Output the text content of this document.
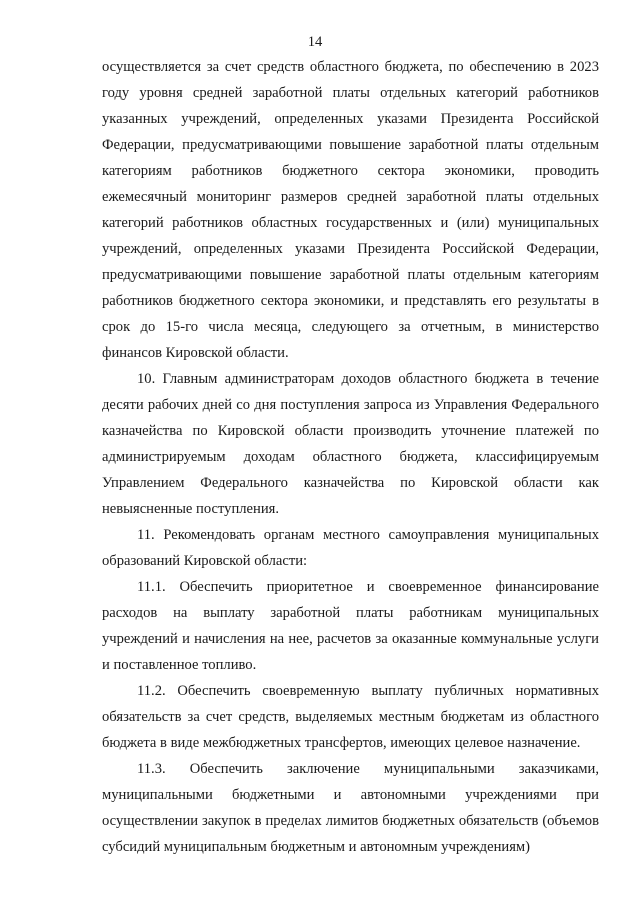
14

осуществляется за счет средств областного бюджета, по обеспечению в 2023 году уровня средней заработной платы отдельных категорий работников указанных учреждений, определенных указами Президента Российской Федерации, предусматривающими повышение заработной платы отдельным категориям работников бюджетного сектора экономики, проводить ежемесячный мониторинг размеров средней заработной платы отдельных категорий работников областных государственных и (или) муниципальных учреждений, определенных указами Президента Российской Федерации, предусматривающими повышение заработной платы отдельным категориям работников бюджетного сектора экономики, и представлять его результаты в срок до 15-го числа месяца, следующего за отчетным, в министерство финансов Кировской области.

10. Главным администраторам доходов областного бюджета в течение десяти рабочих дней со дня поступления запроса из Управления Федерального казначейства по Кировской области производить уточнение платежей по администрируемым доходам областного бюджета, классифицируемым Управлением Федерального казначейства по Кировской области как невыясненные поступления.

11. Рекомендовать органам местного самоуправления муниципальных образований Кировской области:

11.1. Обеспечить приоритетное и своевременное финансирование расходов на выплату заработной платы работникам муниципальных учреждений и начисления на нее, расчетов за оказанные коммунальные услуги и поставленное топливо.

11.2. Обеспечить своевременную выплату публичных нормативных обязательств за счет средств, выделяемых местным бюджетам из областного бюджета в виде межбюджетных трансфертов, имеющих целевое назначение.

11.3. Обеспечить заключение муниципальными заказчиками, муниципальными бюджетными и автономными учреждениями при осуществлении закупок в пределах лимитов бюджетных обязательств (объемов субсидий муниципальным бюджетным и автономным учреждениям)
